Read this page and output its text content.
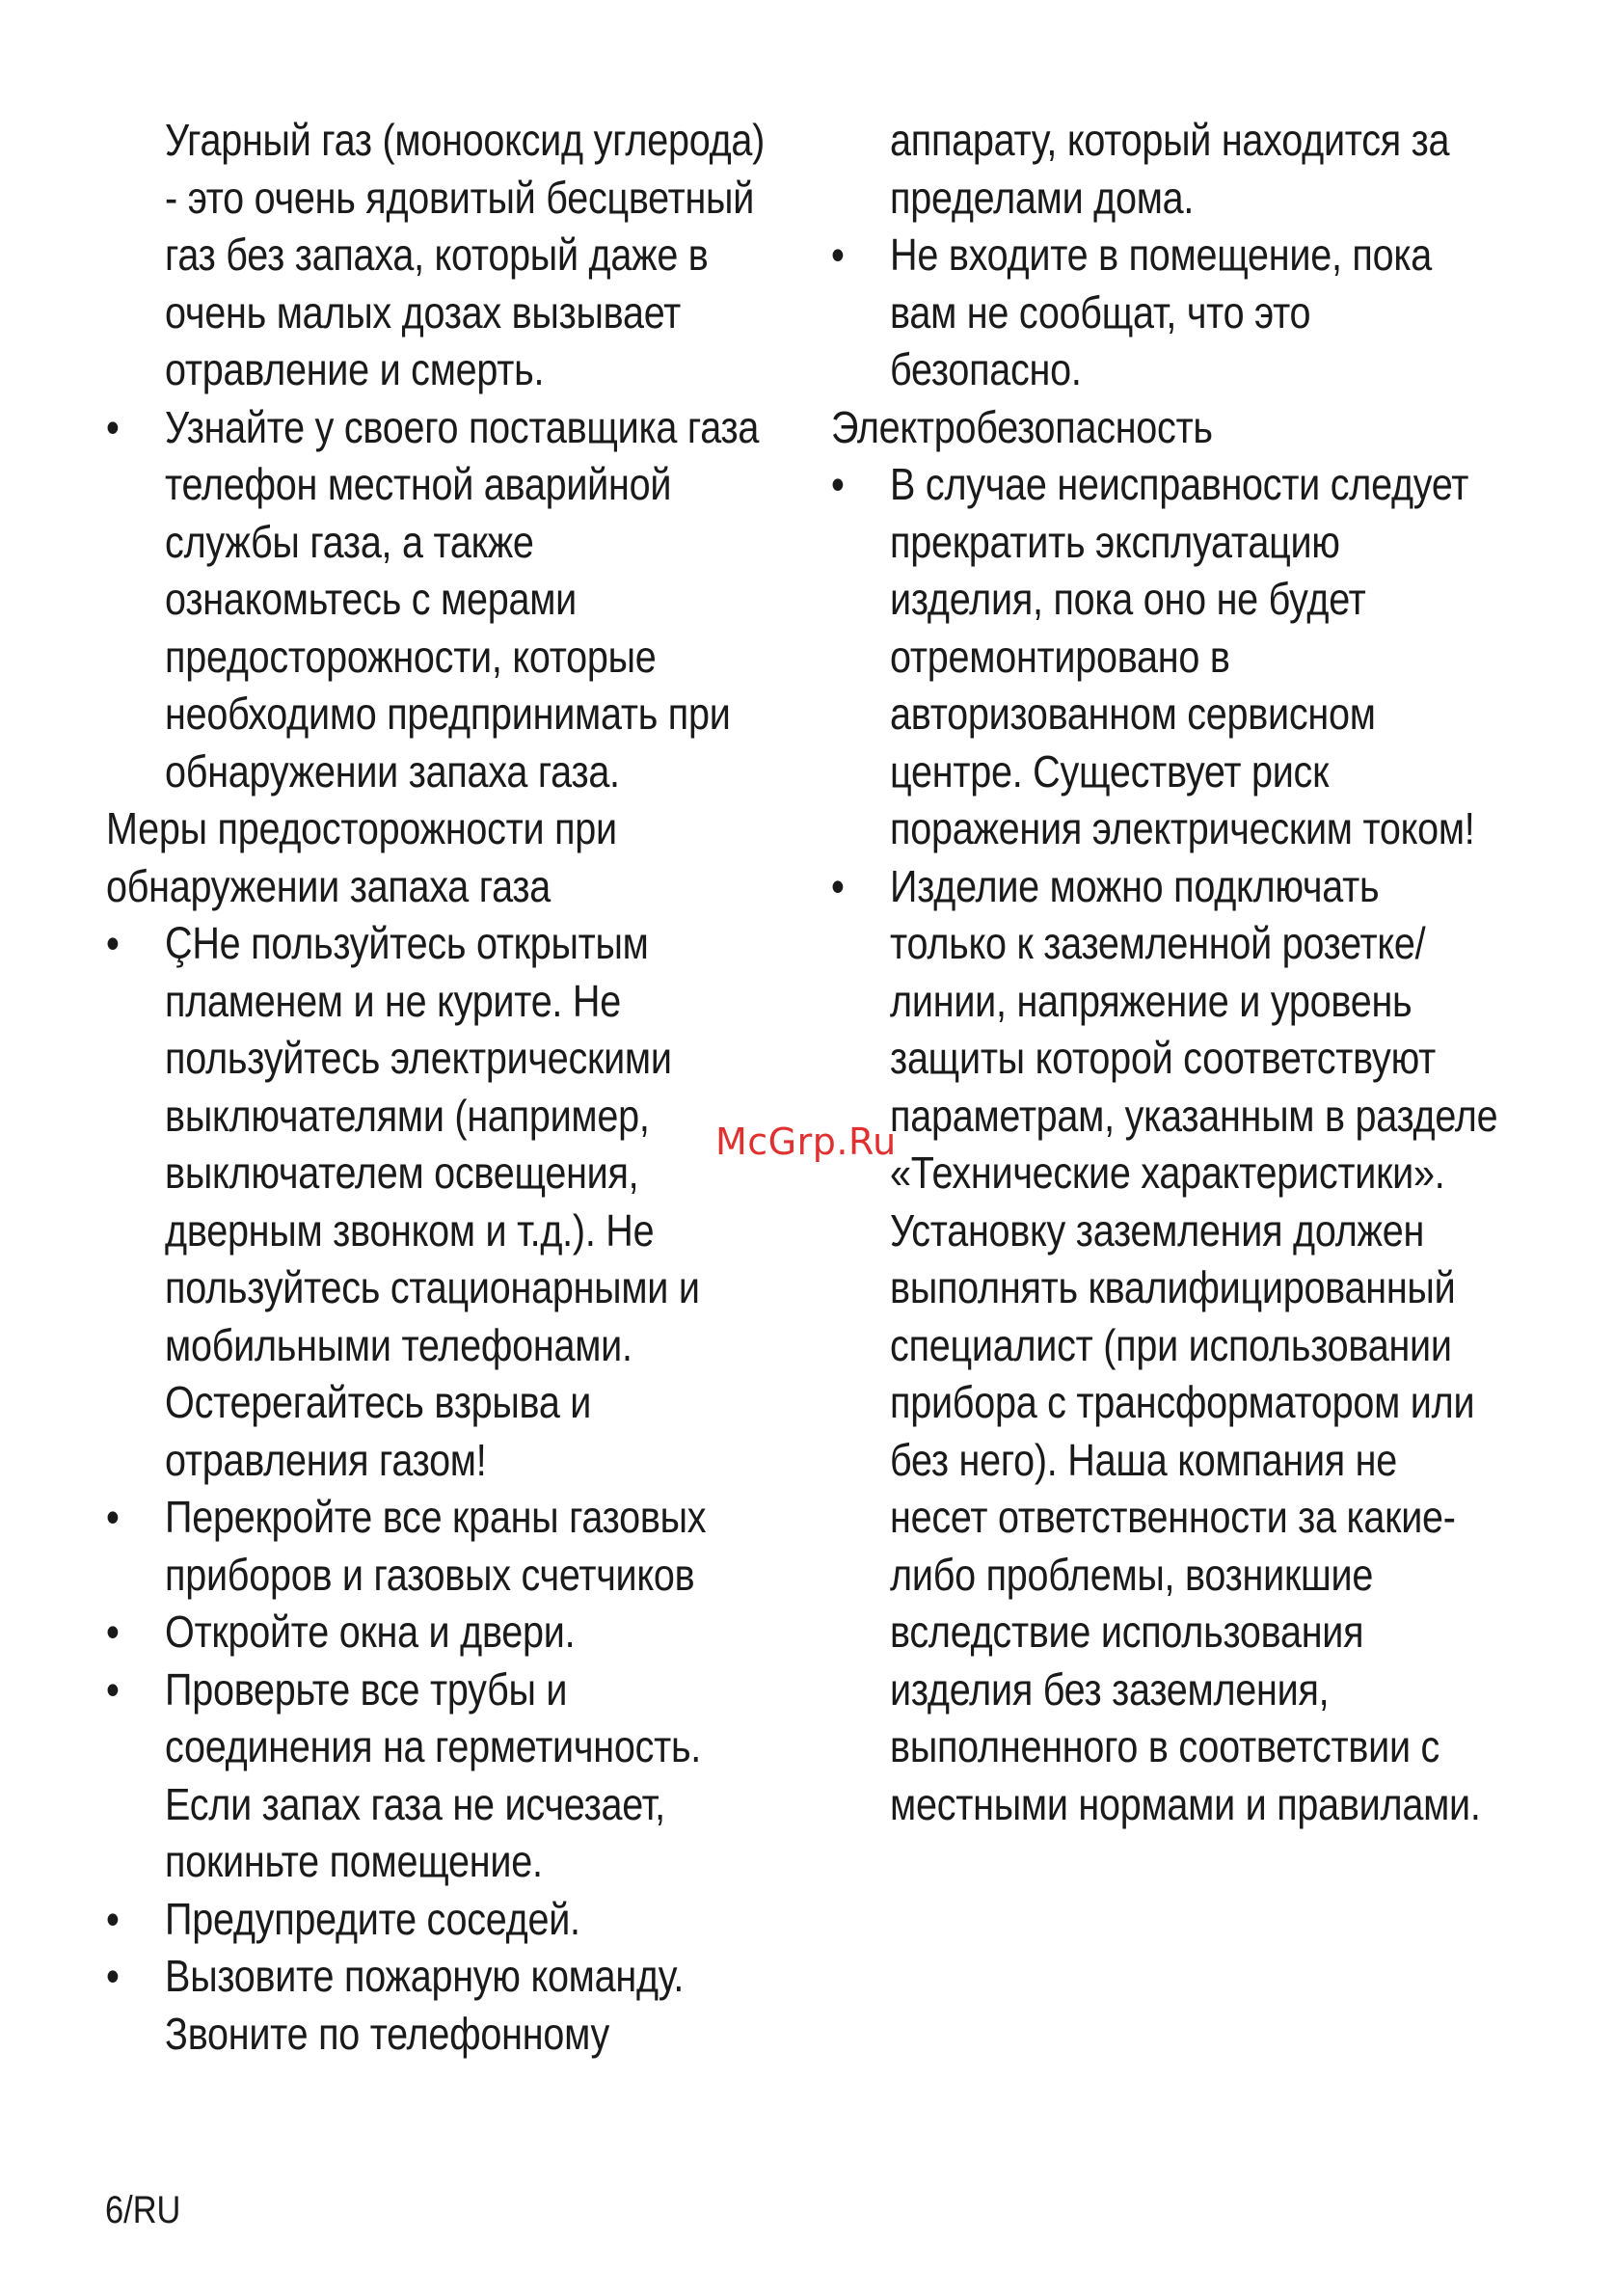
Угарный газ (монооксид углерода) - это очень ядовитый бесцветный газ без запаха, который даже в очень малых дозах вызывает отравление и смерть.

•	Узнайте у своего поставщика газа телефон местной аварийной службы газа, а также ознакомьтесь с мерами предосторожности, которые необходимо предпринимать при обнаружении запаха газа.

Меры предосторожности при обнаружении запаха газа

•	ÇНе пользуйтесь открытым пламенем и не курите. Не пользуйтесь электрическими выключателями (например, выключателем освещения, дверным звонком и т.д.). Не пользуйтесь стационарными и мобильными телефонами. Остерегайтесь взрыва и отравления газом!
•	Перекройте все краны газовых приборов и газовых счетчиков
•	Откройте окна и двери.
•	Проверьте все трубы и соединения на герметичность. Если запах газа не исчезает, покиньте помещение.
•	Предупредите соседей.
•	Вызовите пожарную команду. Звоните по телефонному

аппарату, который находится за пределами дома.

•	Не входите в помещение, пока вам не сообщат, что это безопасно.

Электробезопасность

•	В случае неисправности следует прекратить эксплуатацию изделия, пока оно не будет отремонтировано в авторизованном сервисном центре. Существует риск поражения электрическим током!
•	Изделие можно подключать только к заземленной розетке/линии, напряжение и уровень защиты которой соответствуют параметрам, указанным в разделе «Технические характеристики». Установку заземления должен выполнять квалифицированный специалист (при использовании прибора с трансформатором или без него). Наша компания не несет ответственности за какие-либо проблемы, возникшие вследствие использования изделия без заземления, выполненного в соответствии с местными нормами и правилами.
McGrp.Ru
6/RU
